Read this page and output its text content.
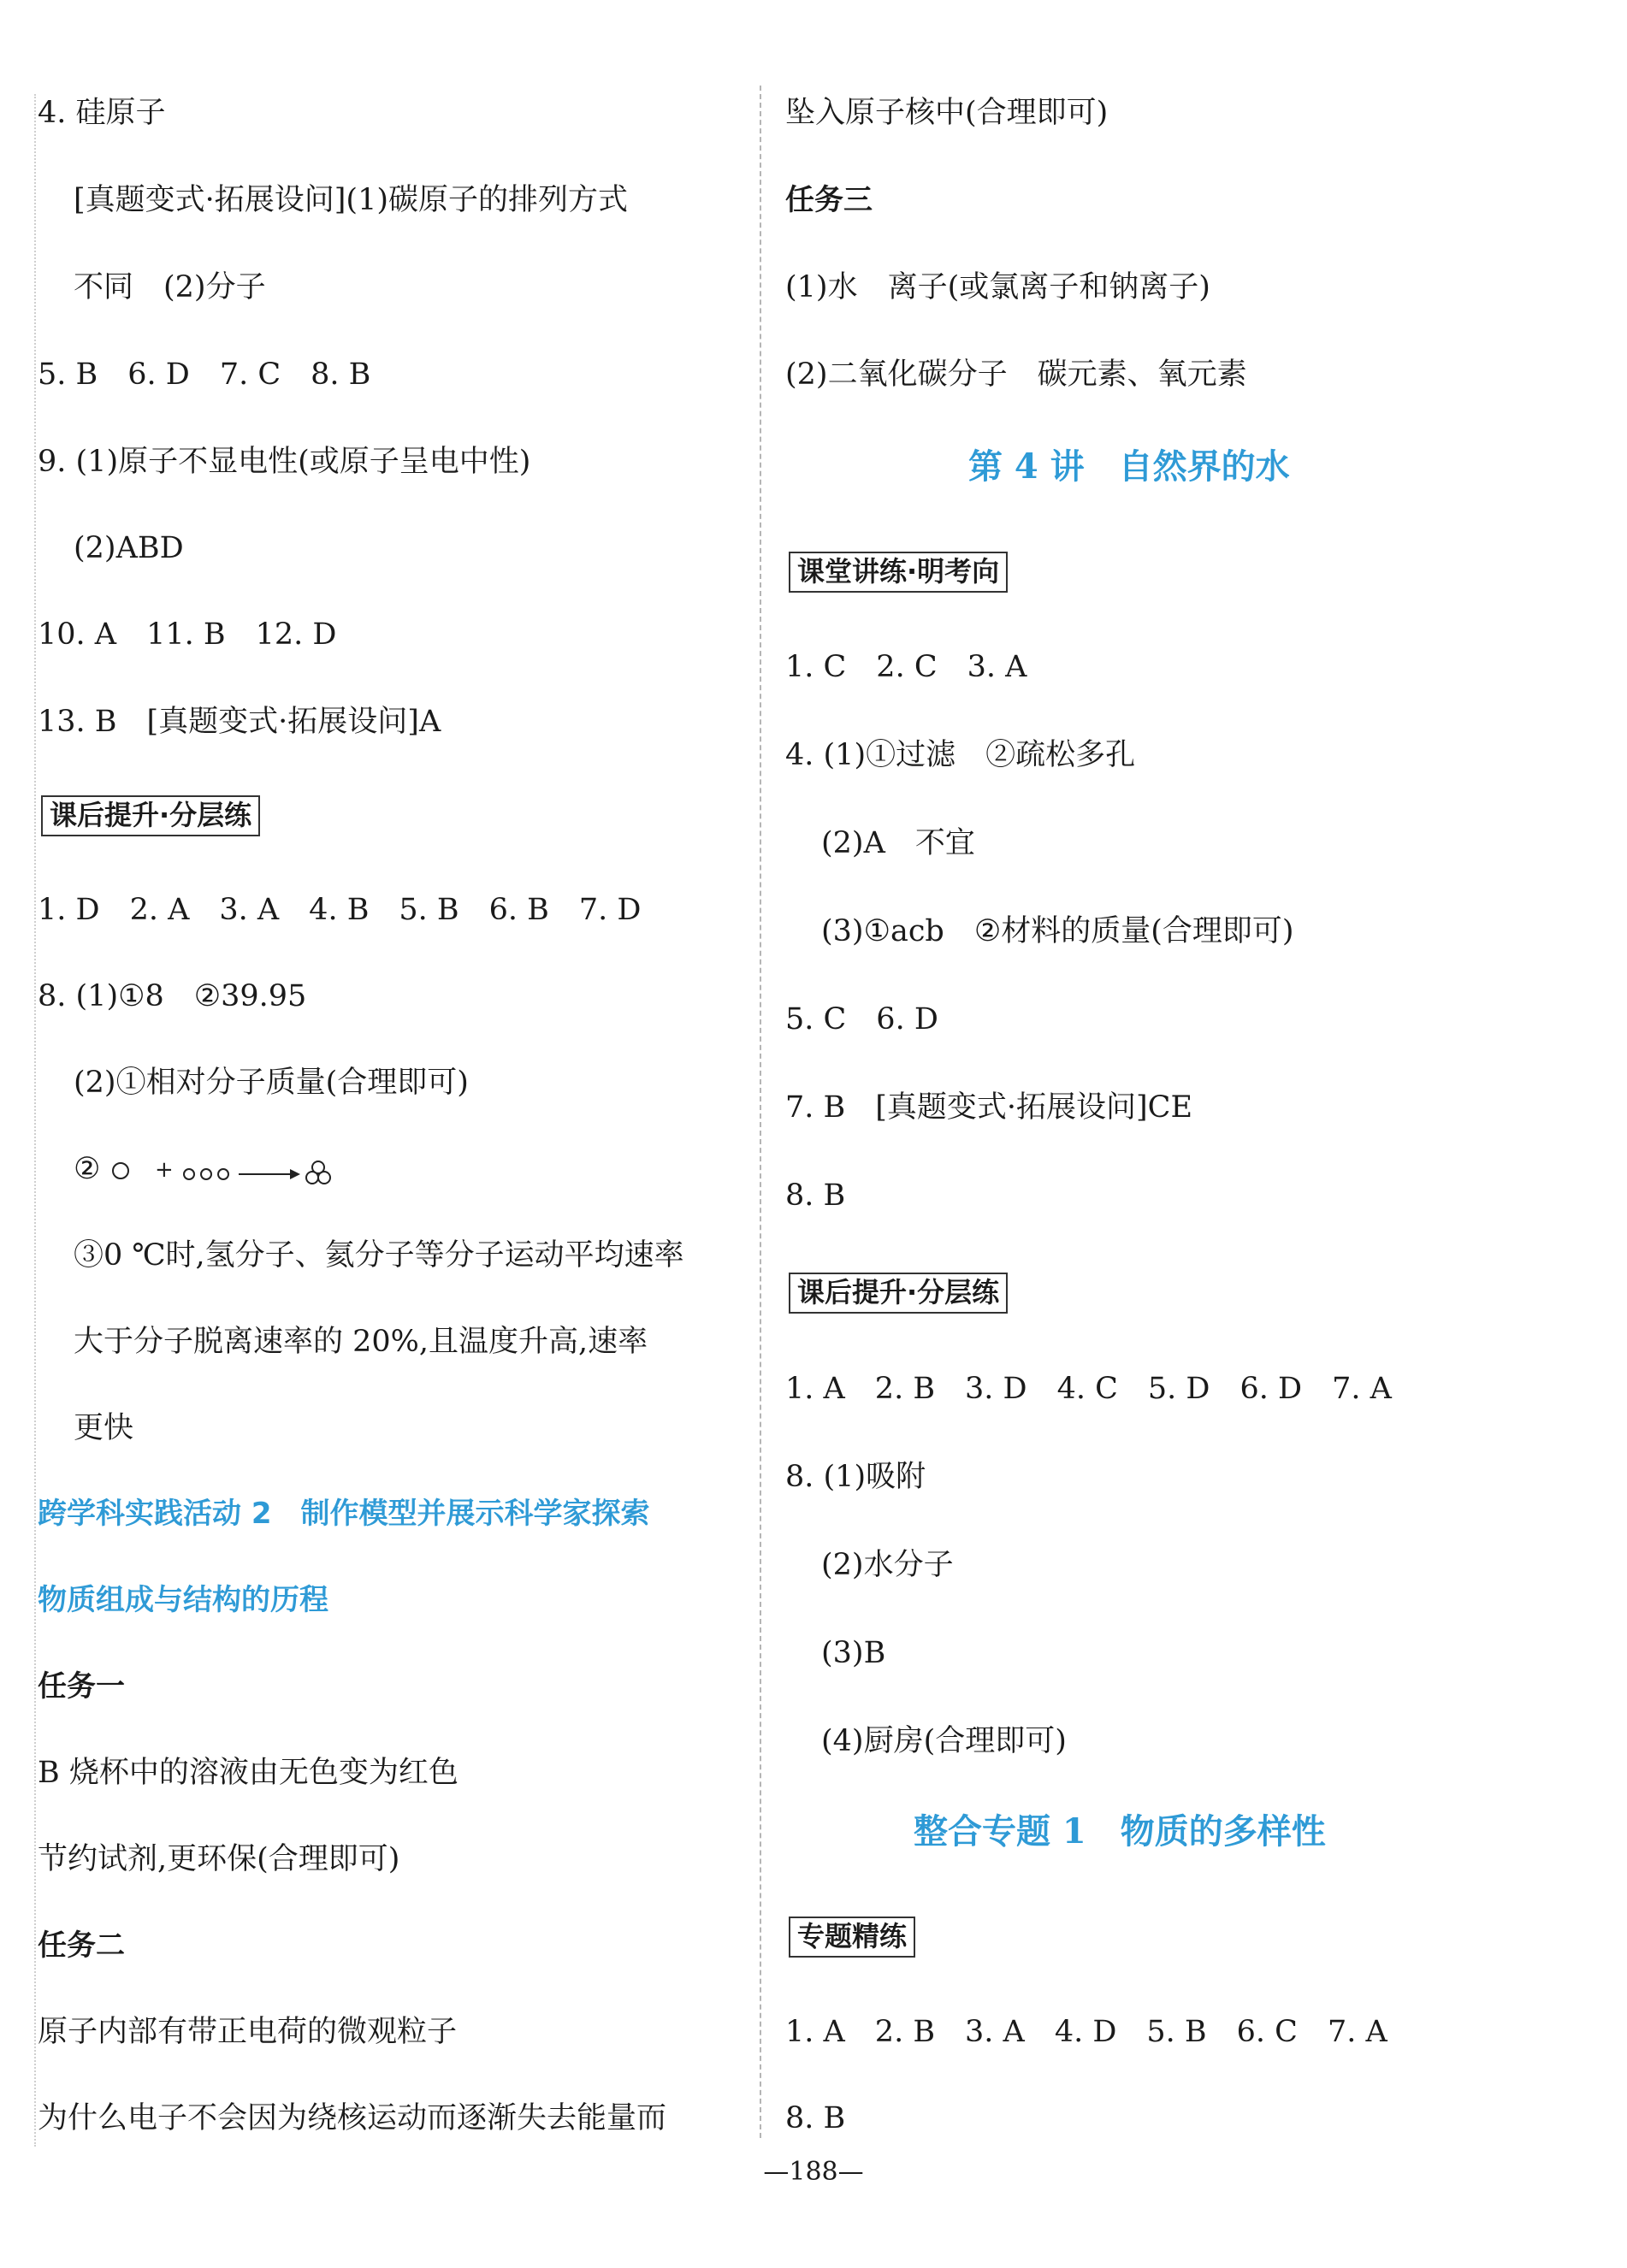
4. 硅原子
[真题变式·拓展设问](1)碳原子的排列方式
不同　(2)分子
5. B　6. D　7. C　8. B
9. (1)原子不显电性(或原子呈电中性)
(2)ABD
10. A　11. B　12. D
13. B　[真题变式·拓展设问]A
课后提升·分层练
1. D　2. A　3. A　4. B　5. B　6. B　7. D
8. (1)①8　②39.95
(2)①相对分子质量(合理即可)
② +
③0 ℃时,氢分子、氦分子等分子运动平均速率
大于分子脱离速率的 20%,且温度升高,速率
更快
跨学科实践活动 2　制作模型并展示科学家探索
物质组成与结构的历程
任务一
B 烧杯中的溶液由无色变为红色
节约试剂,更环保(合理即可)
任务二
原子内部有带正电荷的微观粒子
为什么电子不会因为绕核运动而逐渐失去能量而
坠入原子核中(合理即可)
任务三
(1)水　离子(或氯离子和钠离子)
(2)二氧化碳分子　碳元素、氧元素
第 4 讲　自然界的水
课堂讲练·明考向
1. C　2. C　3. A
4. (1)①过滤　②疏松多孔
(2)A　不宜
(3)①acb　②材料的质量(合理即可)
5. C　6. D
7. B　[真题变式·拓展设问]CE
8. B
课后提升·分层练
1. A　2. B　3. D　4. C　5. D　6. D　7. A
8. (1)吸附
(2)水分子
(3)B
(4)厨房(合理即可)
整合专题 1　物质的多样性
专题精练
1. A　2. B　3. A　4. D　5. B　6. C　7. A
8. B
—188—
